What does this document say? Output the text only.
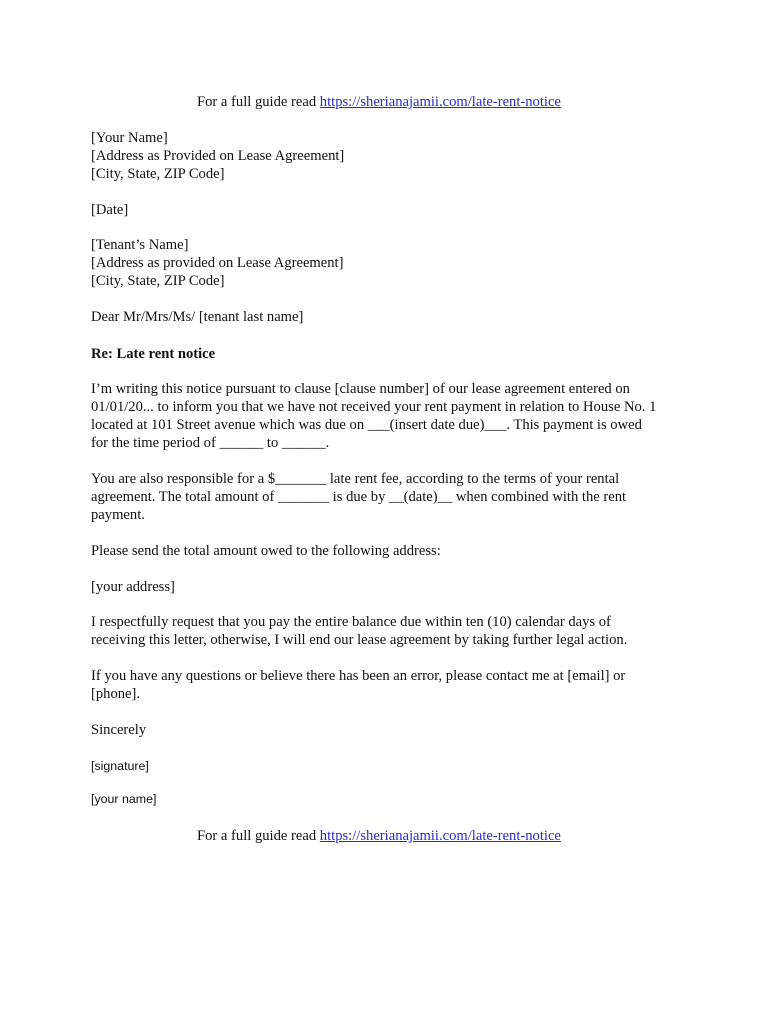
For a full guide read https://sherianajamii.com/late-rent-notice
[Your Name]
[Address as Provided on Lease Agreement]
[City, State, ZIP Code]
[Date]
[Tenant’s Name]
[Address as provided on Lease Agreement]
[City, State, ZIP Code]
Dear Mr/Mrs/Ms/ [tenant last name]
Re: Late rent notice
I’m writing this notice pursuant to clause [clause number] of our lease agreement entered on
01/01/20... to inform you that we have not received your rent payment in relation to House No. 1
located at 101 Street avenue which was due on ___(insert date due)___. This payment is owed
for the time period of ______ to ______.
You are also responsible for a $_______ late rent fee, according to the terms of your rental
agreement. The total amount of _______ is due by __(date)__ when combined with the rent
payment.
Please send the total amount owed to the following address:
[your address]
I respectfully request that you pay the entire balance due within ten (10) calendar days of
receiving this letter, otherwise, I will end our lease agreement by taking further legal action.
If you have any questions or believe there has been an error, please contact me at [email] or
[phone].
Sincerely
[signature]
[your name]
For a full guide read https://sherianajamii.com/late-rent-notice
